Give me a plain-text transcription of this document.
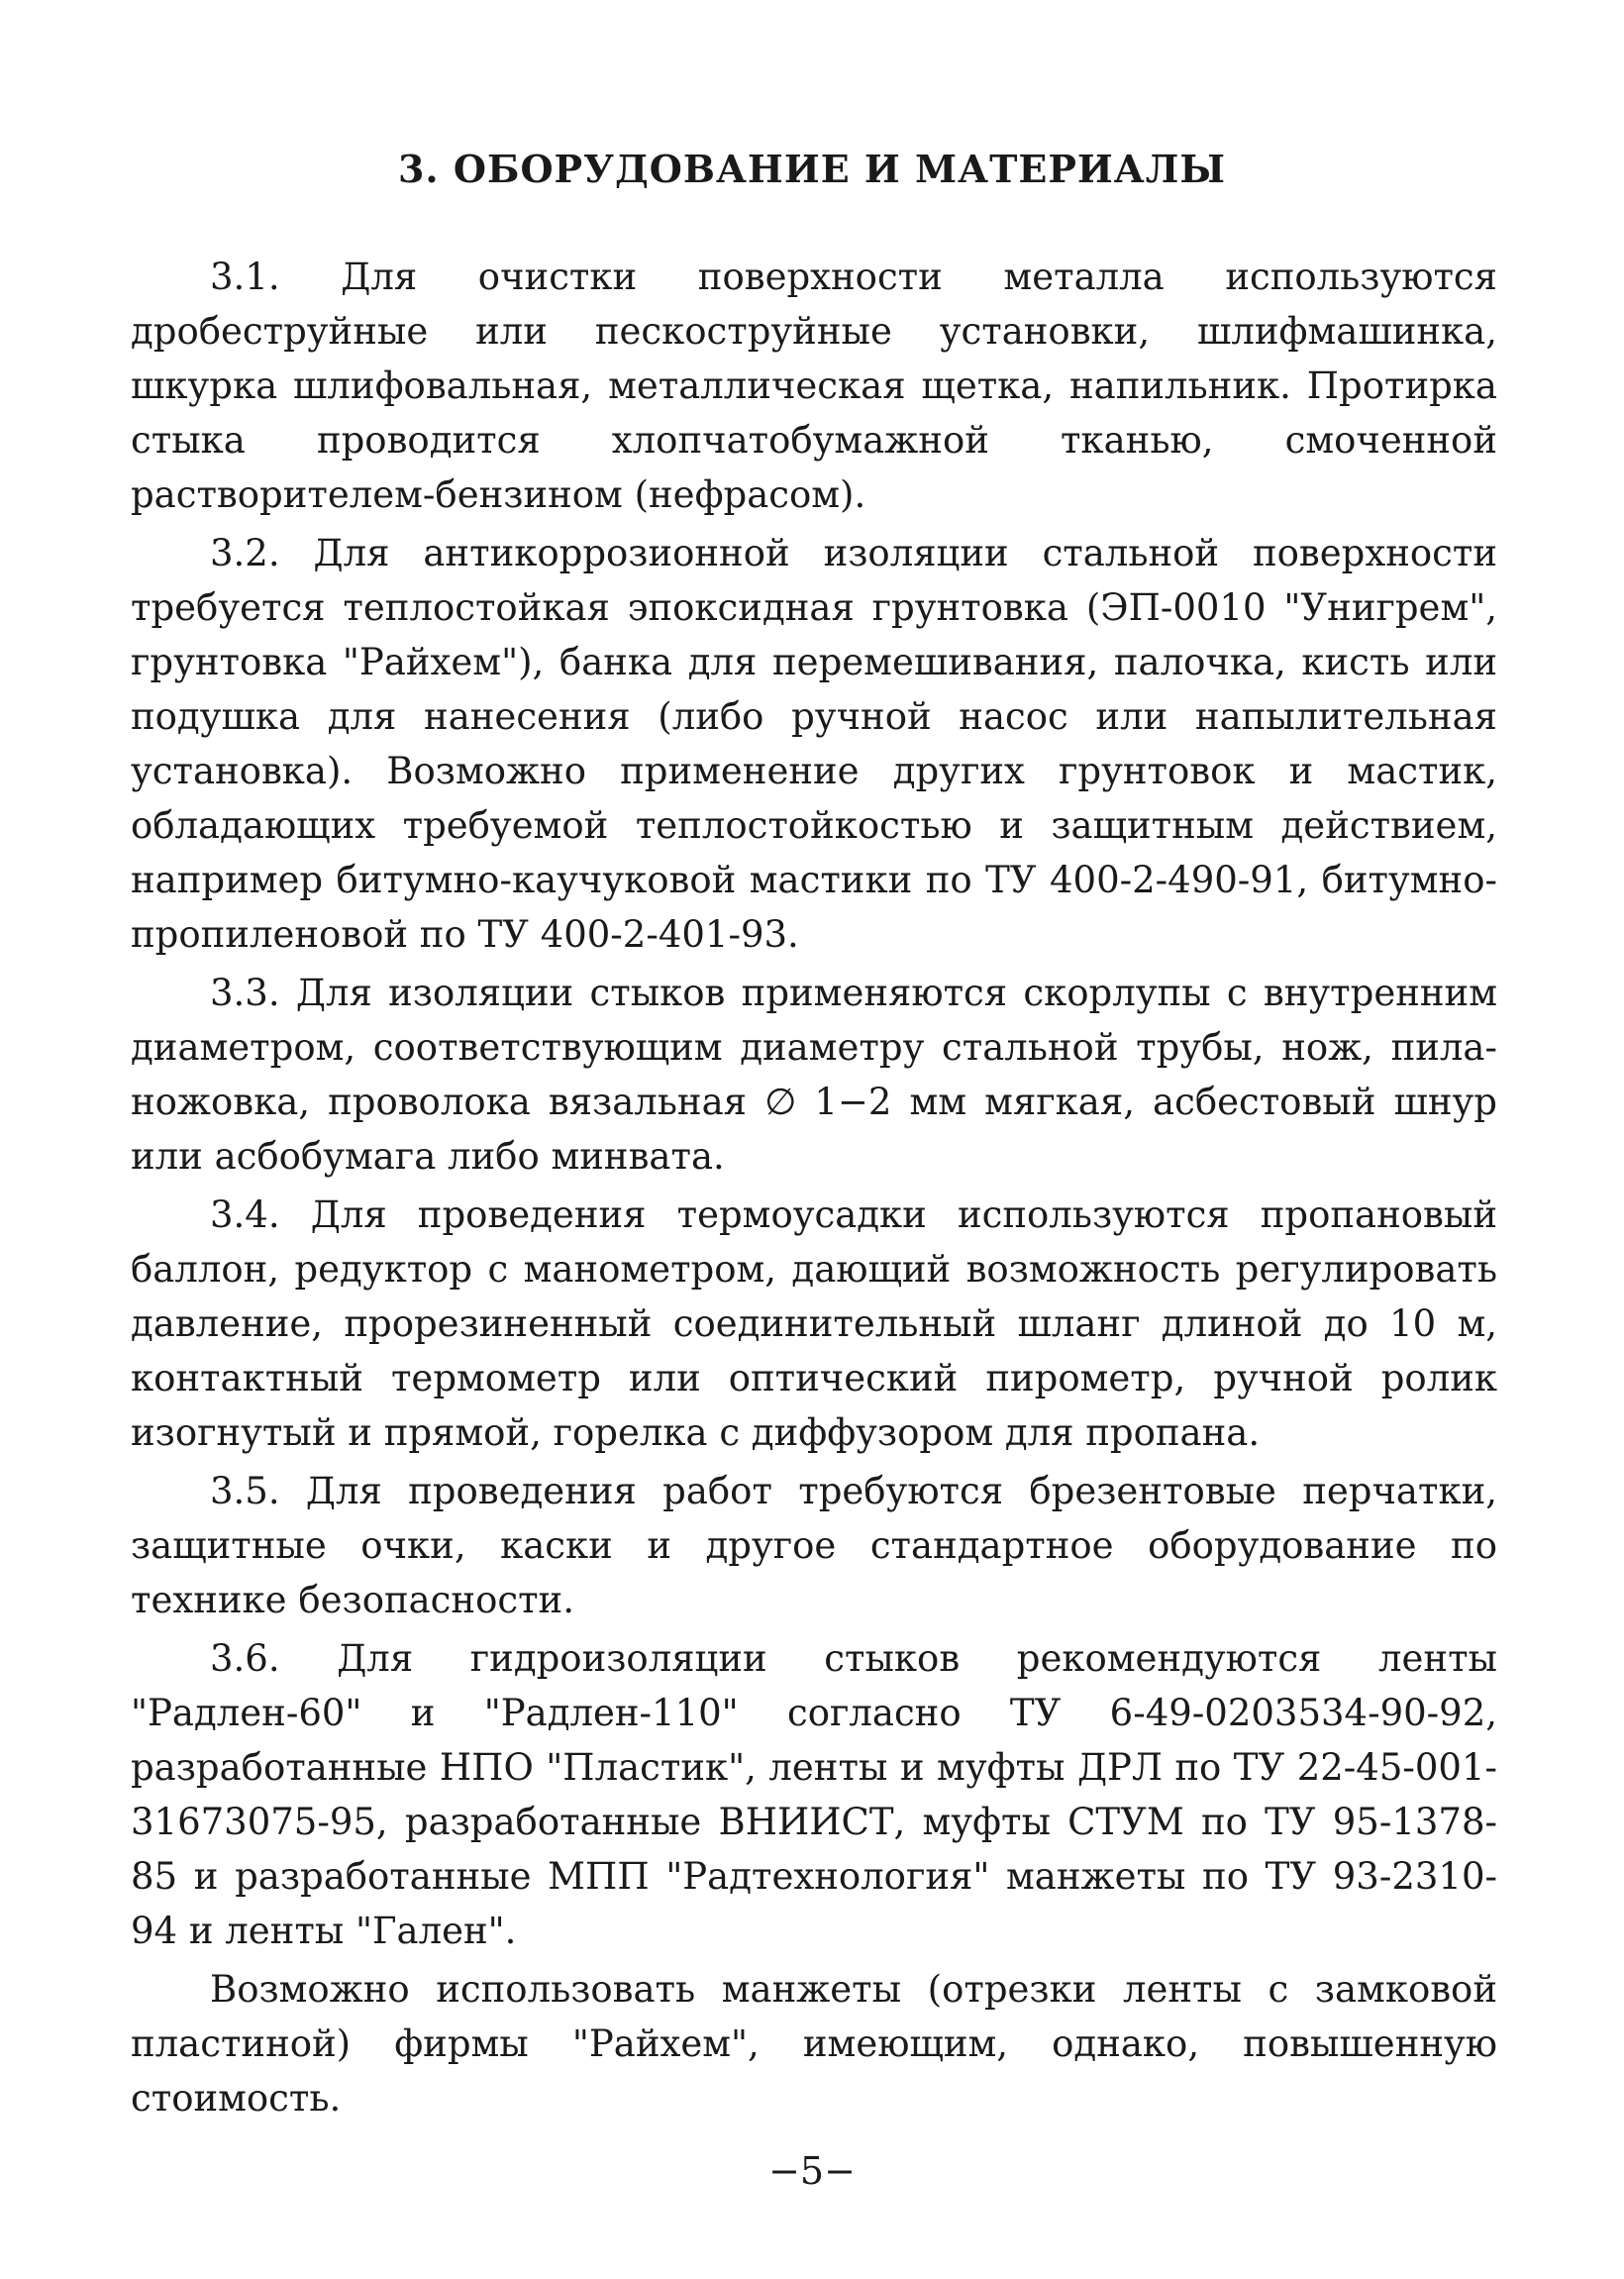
3. ОБОРУДОВАНИЕ И МАТЕРИАЛЫ

3.1. Для очистки поверхности металла используются дробеструйные или пескоструйные установки, шлифмашинка, шкурка шлифовальная, металлическая щетка, напильник. Протирка стыка проводится хлопчатобумажной тканью, смоченной растворителем-бензином (нефрасом).

3.2. Для антикоррозионной изоляции стальной поверхности требуется теплостойкая эпоксидная грунтовка (ЭП-0010 "Унигрем", грунтовка "Райхем"), банка для перемешивания, палочка, кисть или подушка для нанесения (либо ручной насос или напылительная установка). Возможно применение других грунтовок и мастик, обладающих требуемой теплостойкостью и защитным действием, например битумно-каучуковой мастики по ТУ 400-2-490-91, битумно-пропиленовой по ТУ 400-2-401-93.

3.3. Для изоляции стыков применяются скорлупы с внутренним диаметром, соответствующим диаметру стальной трубы, нож, пила-ножовка, проволока вязальная ∅ 1−2 мм мягкая, асбестовый шнур или асбобумага либо минвата.

3.4. Для проведения термоусадки используются пропановый баллон, редуктор с манометром, дающий возможность регулировать давление, прорезиненный соединительный шланг длиной до 10 м, контактный термометр или оптический пирометр, ручной ролик изогнутый и прямой, горелка с диффузором для пропана.

3.5. Для проведения работ требуются брезентовые перчатки, защитные очки, каски и другое стандартное оборудование по технике безопасности.

3.6. Для гидроизоляции стыков рекомендуются ленты "Радлен-60" и "Радлен-110" согласно ТУ 6-49-0203534-90-92, разработанные НПО "Пластик", ленты и муфты ДРЛ по ТУ 22-45-001-31673075-95, разработанные ВНИИСТ, муфты СТУМ по ТУ 95-1378-85 и разработанные МПП "Радтехнология" манжеты по ТУ 93-2310-94 и ленты "Гален".

Возможно использовать манжеты (отрезки ленты с замковой пластиной) фирмы "Райхем", имеющим, однако, повышенную стоимость.

−5−
